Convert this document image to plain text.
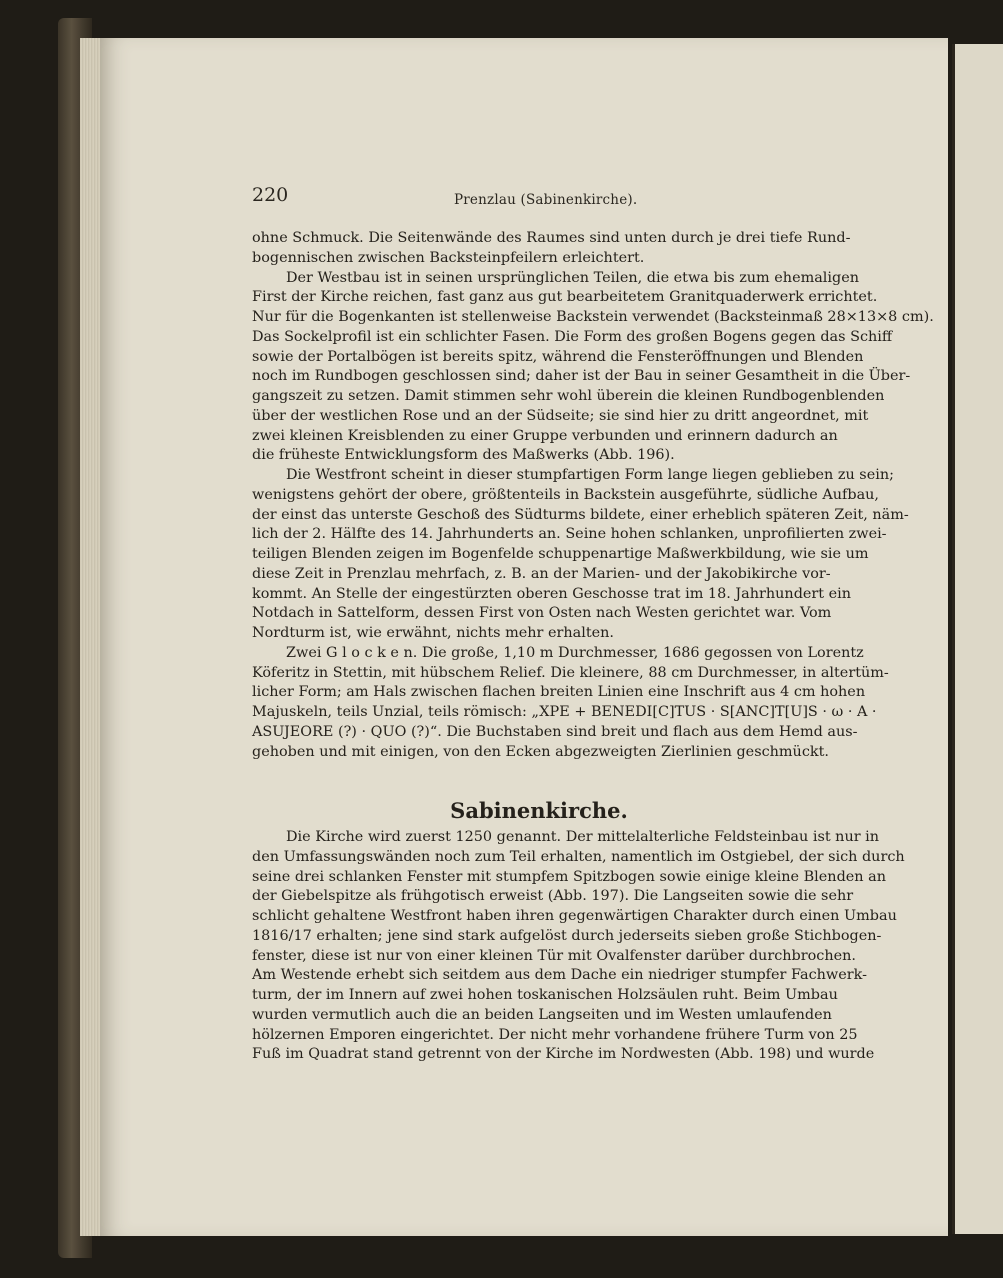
220	Prenzlau (Sabinenkirche).
ohne Schmuck. Die Seitenwände des Raumes sind unten durch je drei tiefe Rund-
bogennischen zwischen Backsteinpfeilern erleichtert.
Der Westbau ist in seinen ursprünglichen Teilen, die etwa bis zum ehemaligen
First der Kirche reichen, fast ganz aus gut bearbeitetem Granitquaderwerk errichtet.
Nur für die Bogenkanten ist stellenweise Backstein verwendet (Backsteinmaß 28×13×8 cm).
Das Sockelprofil ist ein schlichter Fasen. Die Form des großen Bogens gegen das Schiff
sowie der Portalbögen ist bereits spitz, während die Fensteröffnungen und Blenden
noch im Rundbogen geschlossen sind; daher ist der Bau in seiner Gesamtheit in die Über-
gangszeit zu setzen. Damit stimmen sehr wohl überein die kleinen Rundbogenblenden
über der westlichen Rose und an der Südseite; sie sind hier zu dritt angeordnet, mit
zwei kleinen Kreisblenden zu einer Gruppe verbunden und erinnern dadurch an
die früheste Entwicklungsform des Maßwerks (Abb. 196).
Die Westfront scheint in dieser stumpfartigen Form lange liegen geblieben zu sein;
wenigstens gehört der obere, größtenteils in Backstein ausgeführte, südliche Aufbau,
der einst das unterste Geschoß des Südturms bildete, einer erheblich späteren Zeit, näm-
lich der 2. Hälfte des 14. Jahrhunderts an. Seine hohen schlanken, unprofilierten zwei-
teiligen Blenden zeigen im Bogenfelde schuppenartige Maßwerkbildung, wie sie um
diese Zeit in Prenzlau mehrfach, z. B. an der Marien- und der Jakobikirche vor-
kommt. An Stelle der eingestürzten oberen Geschosse trat im 18. Jahrhundert ein
Notdach in Sattelform, dessen First von Osten nach Westen gerichtet war. Vom
Nordturm ist, wie erwähnt, nichts mehr erhalten.
Zwei G l o c k e n. Die große, 1,10 m Durchmesser, 1686 gegossen von Lorentz
Köferitz in Stettin, mit hübschem Relief. Die kleinere, 88 cm Durchmesser, in altertüm-
licher Form; am Hals zwischen flachen breiten Linien eine Inschrift aus 4 cm hohen
Majuskeln, teils Unzial, teils römisch: „XPE + BENEDI[C]TUS · S[ANC]T[U]S · ω · A ·
ASUJEORE (?) · QUO (?)“. Die Buchstaben sind breit und flach aus dem Hemd aus-
gehoben und mit einigen, von den Ecken abgezweigten Zierlinien geschmückt.
Sabinenkirche.
Die Kirche wird zuerst 1250 genannt. Der mittelalterliche Feldsteinbau ist nur in
den Umfassungswänden noch zum Teil erhalten, namentlich im Ostgiebel, der sich durch
seine drei schlanken Fenster mit stumpfem Spitzbogen sowie einige kleine Blenden an
der Giebelspitze als frühgotisch erweist (Abb. 197). Die Langseiten sowie die sehr
schlicht gehaltene Westfront haben ihren gegenwärtigen Charakter durch einen Umbau
1816/17 erhalten; jene sind stark aufgelöst durch jederseits sieben große Stichbogen-
fenster, diese ist nur von einer kleinen Tür mit Ovalfenster darüber durchbrochen.
Am Westende erhebt sich seitdem aus dem Dache ein niedriger stumpfer Fachwerk-
turm, der im Innern auf zwei hohen toskanischen Holzsäulen ruht. Beim Umbau
wurden vermutlich auch die an beiden Langseiten und im Westen umlaufenden
hölzernen Emporen eingerichtet. Der nicht mehr vorhandene frühere Turm von 25
Fuß im Quadrat stand getrennt von der Kirche im Nordwesten (Abb. 198) und wurde
